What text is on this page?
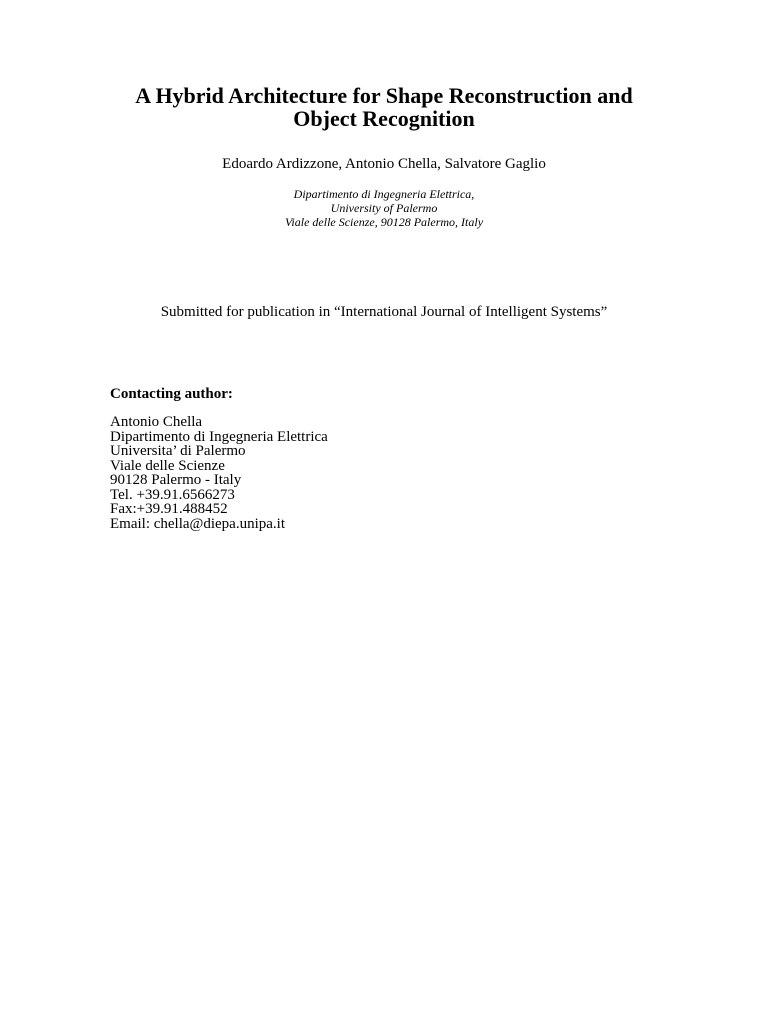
A Hybrid Architecture for Shape Reconstruction and
Object Recognition
Edoardo Ardizzone, Antonio Chella, Salvatore Gaglio
Dipartimento di Ingegneria Elettrica,
University of Palermo
Viale delle Scienze, 90128 Palermo, Italy
Submitted for publication in “International Journal of Intelligent Systems”
Contacting author:
Antonio Chella
Dipartimento di Ingegneria Elettrica
Universita’ di Palermo
Viale delle Scienze
90128 Palermo - Italy
Tel. +39.91.6566273
Fax:+39.91.488452
Email: chella@diepa.unipa.it
